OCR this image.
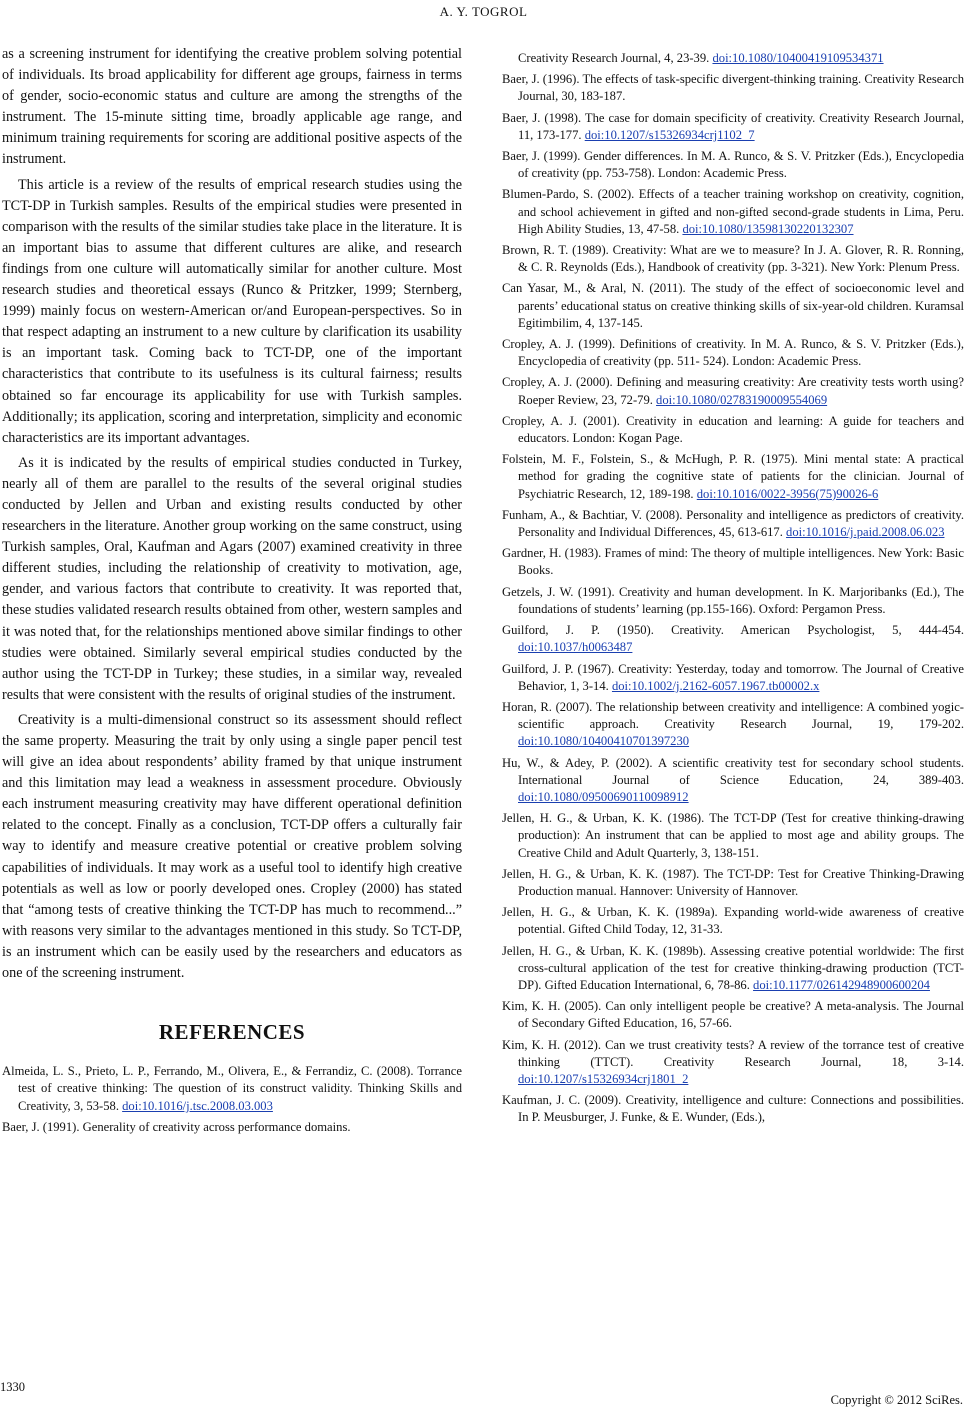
A. Y. TOGROL

as a screening instrument for identifying the creative problem solving potential of individuals. Its broad applicability for different age groups, fairness in terms of gender, socio-economic status and culture are among the strengths of the instrument. The 15-minute sitting time, broadly applicable age range, and minimum training requirements for scoring are additional positive aspects of the instrument.

This article is a review of the results of emprical research studies using the TCT-DP in Turkish samples. Results of the empirical studies were presented in comparison with the results of the similar studies take place in the literature. It is an important bias to assume that different cultures are alike, and research findings from one culture will automatically similar for another culture. Most research studies and theoretical essays (Runco & Pritzker, 1999; Sternberg, 1999) mainly focus on western-American or/and European-perspectives. So in that respect adapting an instrument to a new culture by clarification its usability is an important task. Coming back to TCT-DP, one of the important characteristics that contribute to its usefulness is its cultural fairness; results obtained so far encourage its applicability for use with Turkish samples. Additionally; its application, scoring and interpretation, simplicity and economic characteristics are its important advantages.

As it is indicated by the results of empirical studies conducted in Turkey, nearly all of them are parallel to the results of the several original studies conducted by Jellen and Urban and existing results conducted by other researchers in the literature. Another group working on the same construct, using Turkish samples, Oral, Kaufman and Agars (2007) examined creativity in three different studies, including the relationship of creativity to motivation, age, gender, and various factors that contribute to creativity. It was reported that, these studies validated research results obtained from other, western samples and it was noted that, for the relationships mentioned above similar findings to other studies were obtained. Similarly several empirical studies conducted by the author using the TCT-DP in Turkey; these studies, in a similar way, revealed results that were consistent with the results of original studies of the instrument.

Creativity is a multi-dimensional construct so its assessment should reflect the same property. Measuring the trait by only using a single paper pencil test will give an idea about respondents’ ability framed by that unique instrument and this limitation may lead a weakness in assessment procedure. Obviously each instrument measuring creativity may have different operational definition related to the concept. Finally as a conclusion, TCT-DP offers a culturally fair way to identify and measure creative potential or creative problem solving capabilities of individuals. It may work as a useful tool to identify high creative potentials as well as low or poorly developed ones. Cropley (2000) has stated that “among tests of creative thinking the TCT-DP has much to recommend...” with reasons very similar to the advantages mentioned in this study. So TCT-DP, is an instrument which can be easily used by the researchers and educators as one of the screening instrument.

REFERENCES
Almeida, L. S., Prieto, L. P., Ferrando, M., Olivera, E., & Ferrandiz, C. (2008). Torrance test of creative thinking: The question of its construct validity. Thinking Skills and Creativity, 3, 53-58. doi:10.1016/j.tsc.2008.03.003
Baer, J. (1991). Generality of creativity across performance domains.
Creativity Research Journal, 4, 23-39. doi:10.1080/10400419109534371
Baer, J. (1996). The effects of task-specific divergent-thinking training. Creativity Research Journal, 30, 183-187.
Baer, J. (1998). The case for domain specificity of creativity. Creativity Research Journal, 11, 173-177. doi:10.1207/s15326934crj1102_7
Baer, J. (1999). Gender differences. In M. A. Runco, & S. V. Pritzker (Eds.), Encyclopedia of creativity (pp. 753-758). London: Academic Press.
Blumen-Pardo, S. (2002). Effects of a teacher training workshop on creativity, cognition, and school achievement in gifted and non-gifted second-grade students in Lima, Peru. High Ability Studies, 13, 47-58. doi:10.1080/13598130220132307
Brown, R. T. (1989). Creativity: What are we to measure? In J. A. Glover, R. R. Ronning, & C. R. Reynolds (Eds.), Handbook of creativity (pp. 3-321). New York: Plenum Press.
Can Yasar, M., & Aral, N. (2011). The study of the effect of socioeconomic level and parents’ educational status on creative thinking skills of six-year-old children. Kuramsal Egitimbilim, 4, 137-145.
Cropley, A. J. (1999). Definitions of creativity. In M. A. Runco, & S. V. Pritzker (Eds.), Encyclopedia of creativity (pp. 511- 524). London: Academic Press.
Cropley, A. J. (2000). Defining and measuring creativity: Are creativity tests worth using? Roeper Review, 23, 72-79. doi:10.1080/02783190009554069
Cropley, A. J. (2001). Creativity in education and learning: A guide for teachers and educators. London: Kogan Page.
Folstein, M. F., Folstein, S., & McHugh, P. R. (1975). Mini mental state: A practical method for grading the cognitive state of patients for the clinician. Journal of Psychiatric Research, 12, 189-198. doi:10.1016/0022-3956(75)90026-6
Funham, A., & Bachtiar, V. (2008). Personality and intelligence as predictors of creativity. Personality and Individual Differences, 45, 613-617. doi:10.1016/j.paid.2008.06.023
Gardner, H. (1983). Frames of mind: The theory of multiple intelligences. New York: Basic Books.
Getzels, J. W. (1991). Creativity and human development. In K. Marjoribanks (Ed.), The foundations of students’ learning (pp.155-166). Oxford: Pergamon Press.
Guilford, J. P. (1950). Creativity. American Psychologist, 5, 444-454. doi:10.1037/h0063487
Guilford, J. P. (1967). Creativity: Yesterday, today and tomorrow. The Journal of Creative Behavior, 1, 3-14. doi:10.1002/j.2162-6057.1967.tb00002.x
Horan, R. (2007). The relationship between creativity and intelligence: A combined yogic-scientific approach. Creativity Research Journal, 19, 179-202. doi:10.1080/10400410701397230
Hu, W., & Adey, P. (2002). A scientific creativity test for secondary school students. International Journal of Science Education, 24, 389-403. doi:10.1080/09500690110098912
Jellen, H. G., & Urban, K. K. (1986). The TCT-DP (Test for creative thinking-drawing production): An instrument that can be applied to most age and ability groups. The Creative Child and Adult Quarterly, 3, 138-151.
Jellen, H. G., & Urban, K. K. (1987). The TCT-DP: Test for Creative Thinking-Drawing Production manual. Hannover: University of Hannover.
Jellen, H. G., & Urban, K. K. (1989a). Expanding world-wide awareness of creative potential. Gifted Child Today, 12, 31-33.
Jellen, H. G., & Urban, K. K. (1989b). Assessing creative potential worldwide: The first cross-cultural application of the test for creative thinking-drawing production (TCT-DP). Gifted Education International, 6, 78-86. doi:10.1177/026142948900600204
Kim, K. H. (2005). Can only intelligent people be creative? A meta-analysis. The Journal of Secondary Gifted Education, 16, 57-66.
Kim, K. H. (2012). Can we trust creativity tests? A review of the torrance test of creative thinking (TTCT). Creativity Research Journal, 18, 3-14. doi:10.1207/s15326934crj1801_2
Kaufman, J. C. (2009). Creativity, intelligence and culture: Connections and possibilities. In P. Meusburger, J. Funke, & E. Wunder, (Eds.),
1330
Copyright © 2012 SciRes.
